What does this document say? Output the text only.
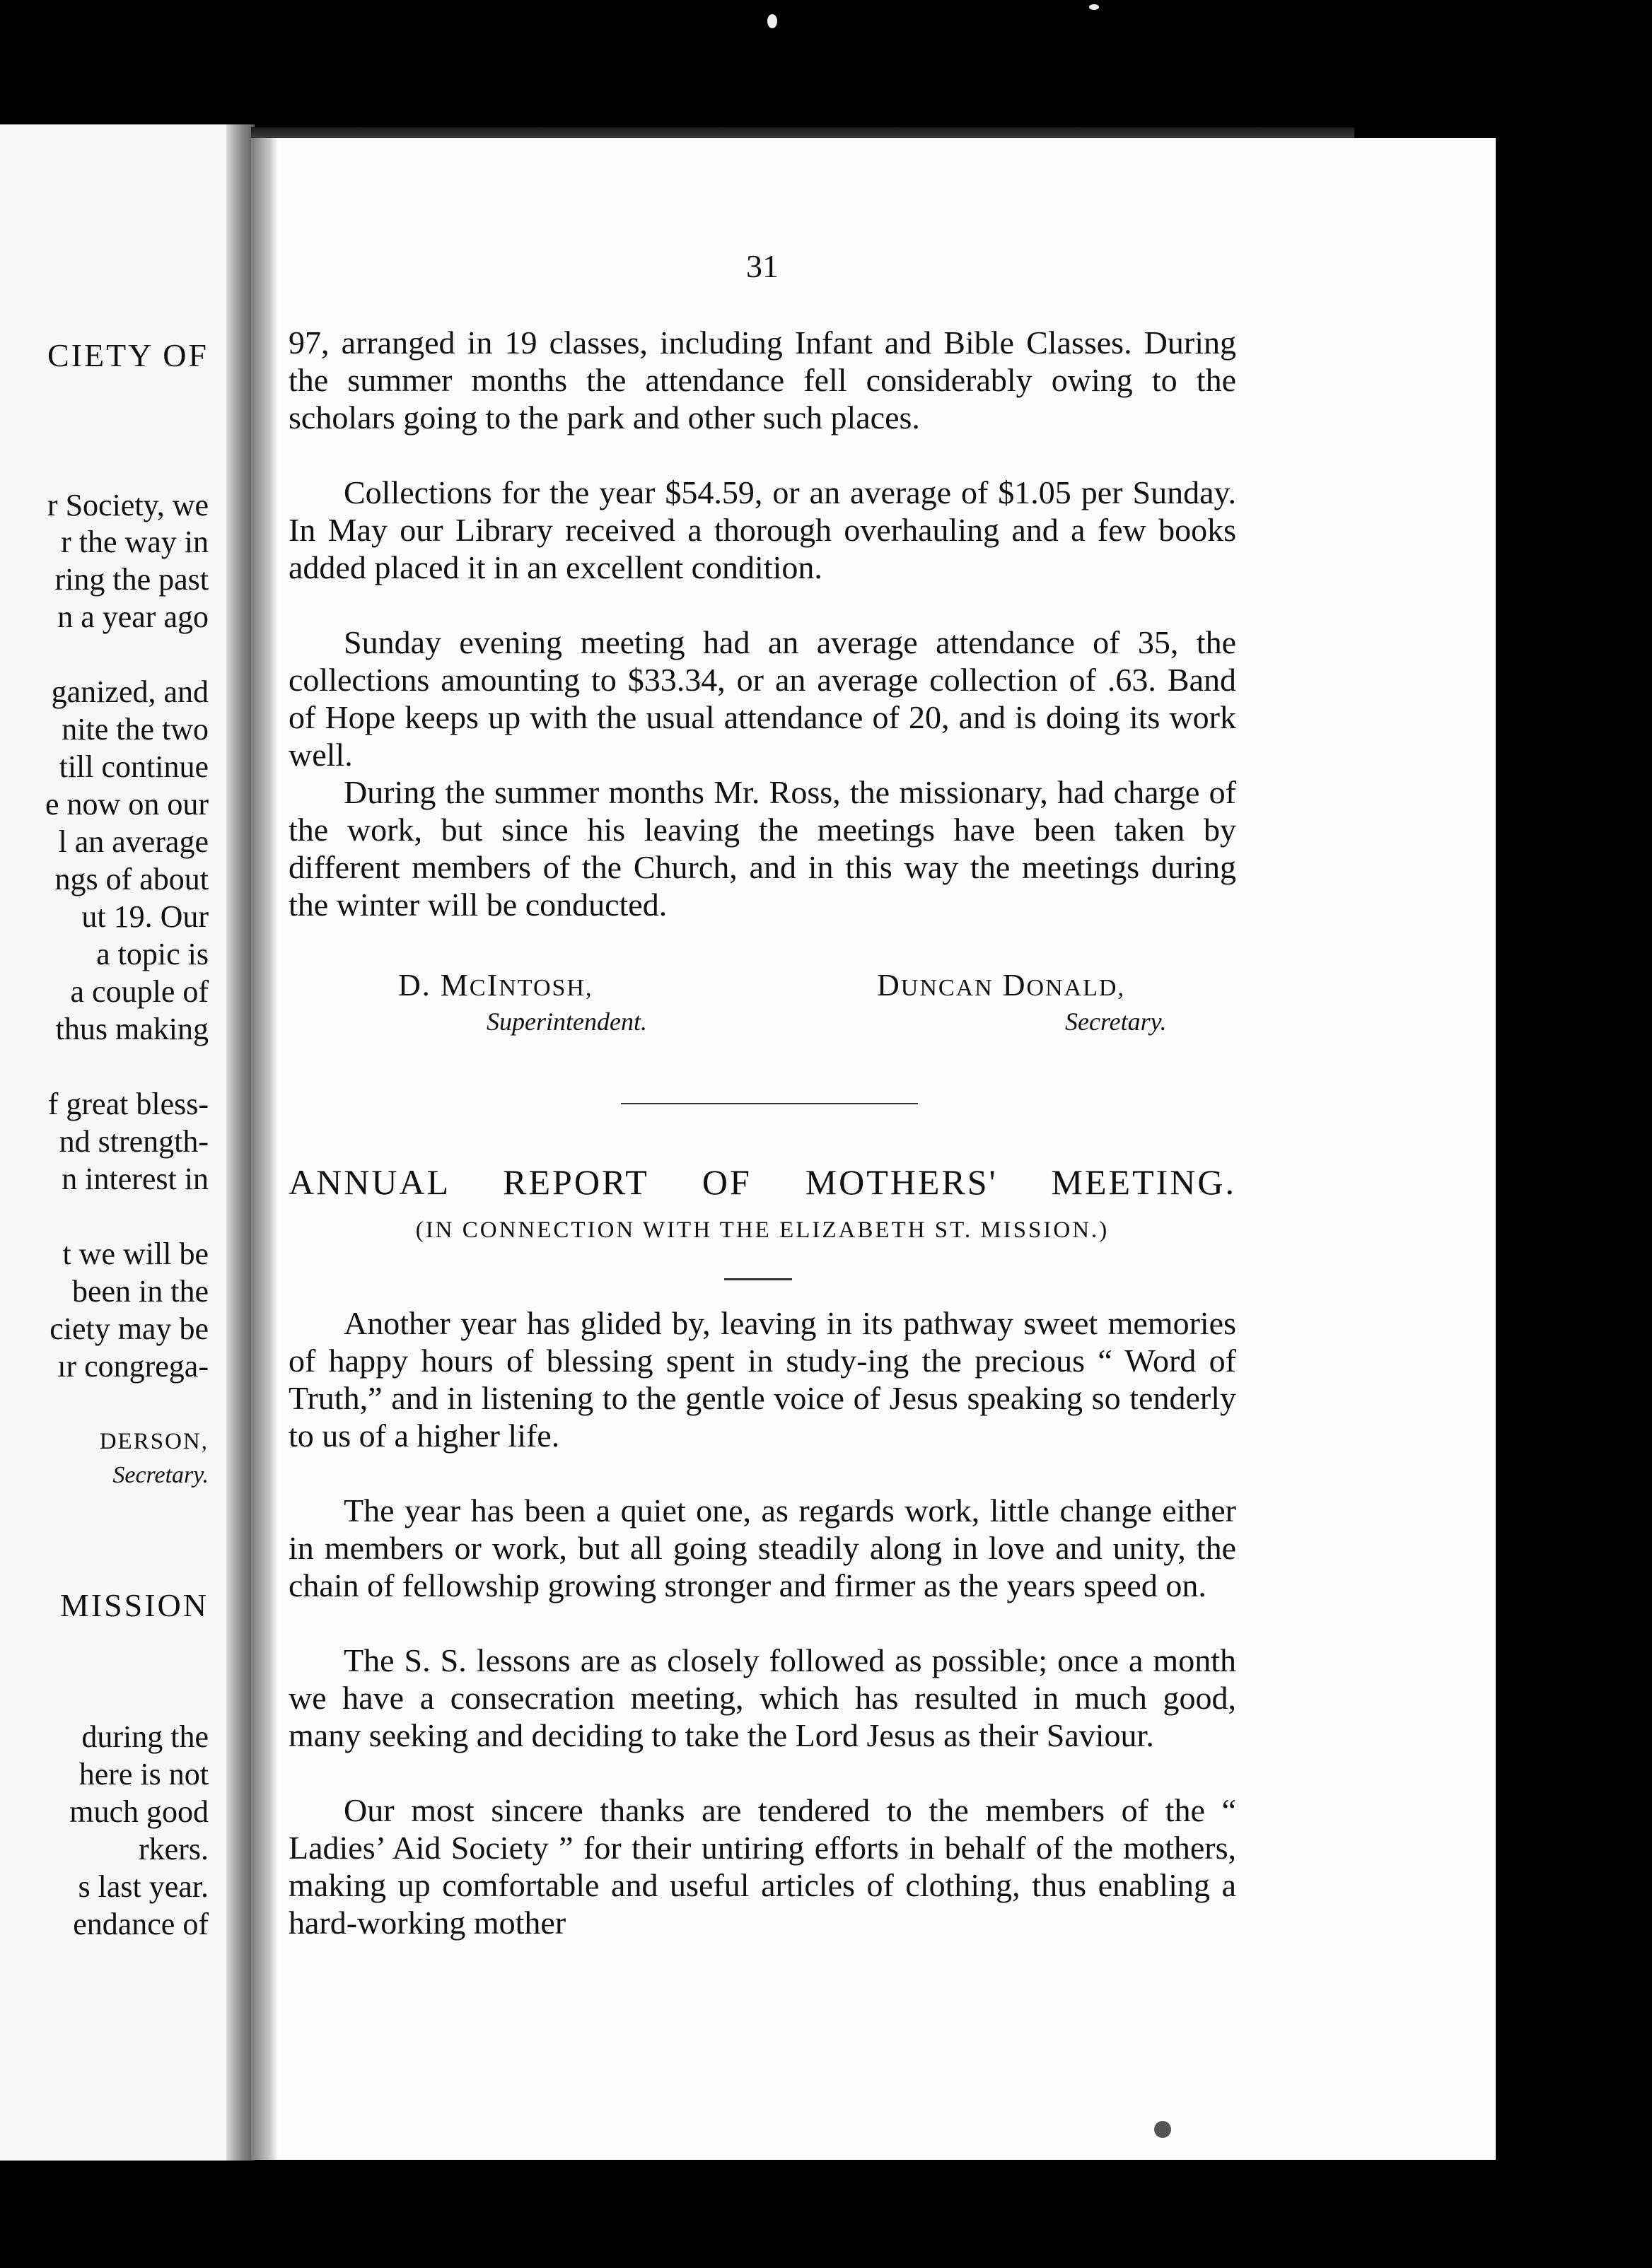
CIETY OF
r Society, we
r the way in
ring the past
n a year ago
ganized, and
nite the two
till continue
e now on our
l an average
ngs of about
ut 19. Our
a topic is
a couple of
thus making
f great bless-
nd strength-
n interest in
t we will be
been in the
ciety may be
ır congrega-
DERSON,
Secretary.
MISSION
during the
here is not
much good
rkers.
s last year.
endance of
31

97, arranged in 19 classes, including Infant and Bible Classes. During the summer months the attendance fell considerably owing to the scholars going to the park and other such places.

Collections for the year $54.59, or an average of $1.05 per Sunday. In May our Library received a thorough overhauling and a few books added placed it in an excellent condition.

Sunday evening meeting had an average attendance of 35, the collections amounting to $33.34, or an average collection of .63. Band of Hope keeps up with the usual attendance of 20, and is doing its work well.

During the summer months Mr. Ross, the missionary, had charge of the work, but since his leaving the meetings have been taken by different members of the Church, and in this way the meetings during the winter will be conducted.

D. MCINTOSH,
Superintendent.
DUNCAN DONALD,
Secretary.
ANNUAL REPORT OF MOTHERS' MEETING.
(IN CONNECTION WITH THE ELIZABETH ST. MISSION.)

Another year has glided by, leaving in its pathway sweet memories of happy hours of blessing spent in study-ing the precious “ Word of Truth,” and in listening to the gentle voice of Jesus speaking so tenderly to us of a higher life.

The year has been a quiet one, as regards work, little change either in members or work, but all going steadily along in love and unity, the chain of fellowship growing stronger and firmer as the years speed on.

The S. S. lessons are as closely followed as possible; once a month we have a consecration meeting, which has resulted in much good, many seeking and deciding to take the Lord Jesus as their Saviour.

Our most sincere thanks are tendered to the members of the “ Ladies’ Aid Society ” for their untiring efforts in behalf of the mothers, making up comfortable and useful articles of clothing, thus enabling a hard-working mother
